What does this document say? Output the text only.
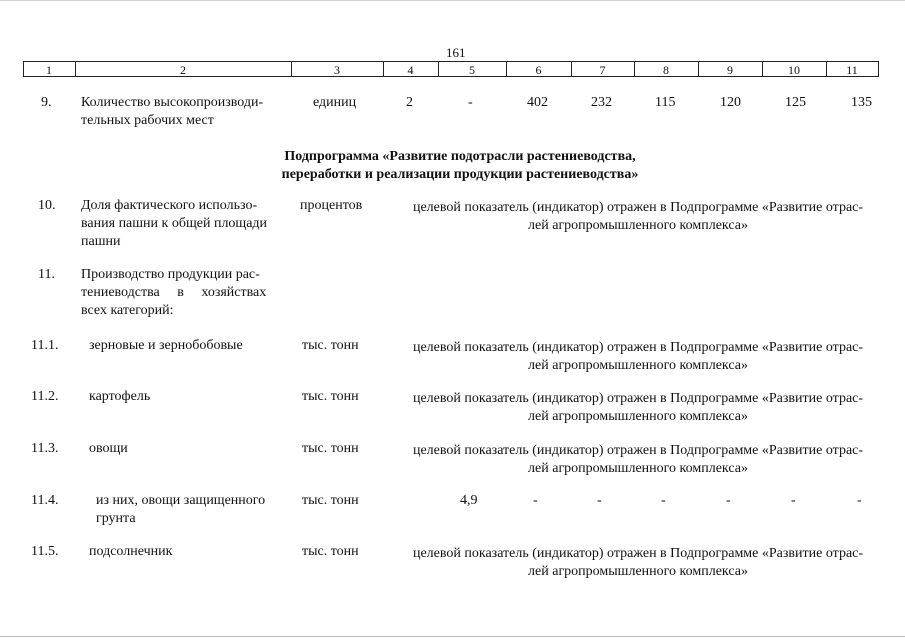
161
1	2	3	4	5	6	7	8	9	10	11
9. Количество высокопроизводи-
тельных рабочих мест
единиц	2	-	402	232	115	120	125	135
Подпрограмма «Развитие подотрасли растениеводства,
переработки и реализации продукции растениеводства»
10. Доля фактического использо-
вания пашни к общей площади
пашни
процентов	целевой показатель (индикатор) отражен в Подпрограмме «Развитие отрас-
лей агропромышленного комплекса»
11. Производство продукции рас-
тениеводства в хозяйствах
всех категорий:
11.1. зерновые и зернобобовые	тыс. тонн	целевой показатель (индикатор) отражен в Подпрограмме «Развитие отрас-
лей агропромышленного комплекса»
11.2. картофель	тыс. тонн	целевой показатель (индикатор) отражен в Подпрограмме «Развитие отрас-
лей агропромышленного комплекса»
11.3. овощи	тыс. тонн	целевой показатель (индикатор) отражен в Подпрограмме «Развитие отрас-
лей агропромышленного комплекса»
11.4.	из них, овощи защищенного
грунта
тыс. тонн	4,9	-	-	-	-	-	-
11.5. подсолнечник	тыс. тонн	целевой показатель (индикатор) отражен в Подпрограмме «Развитие отрас-
лей агропромышленного комплекса»
